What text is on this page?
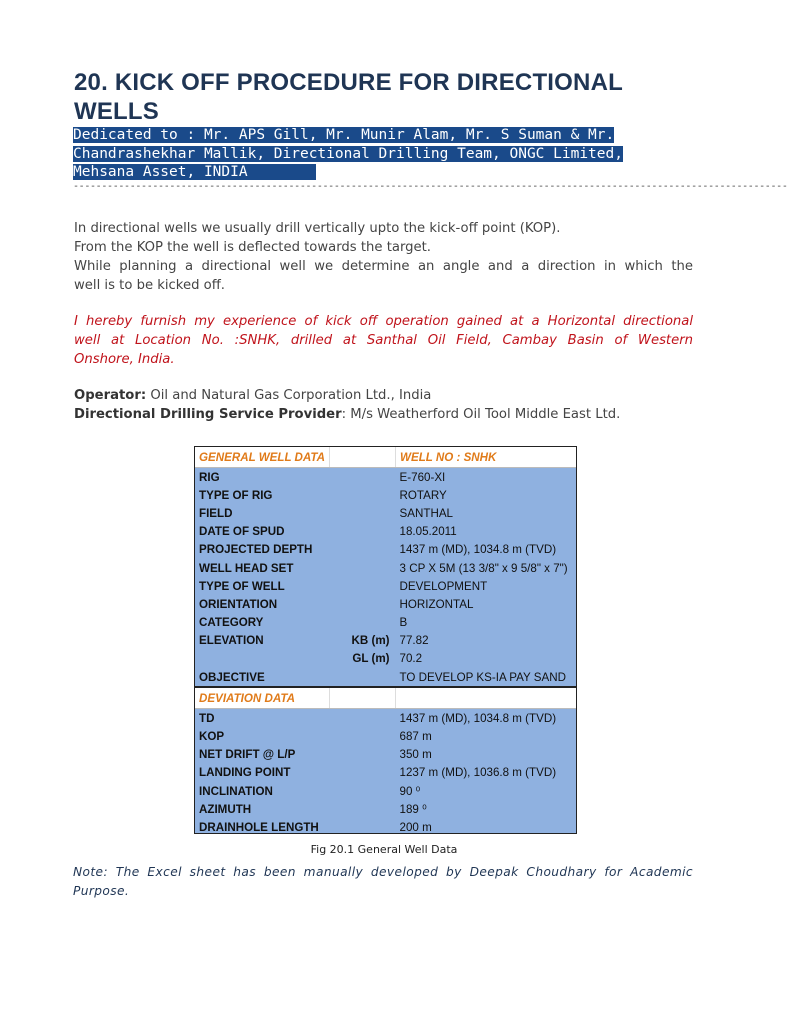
20. KICK OFF PROCEDURE FOR DIRECTIONAL WELLS
Dedicated to : Mr. APS Gill, Mr. Munir Alam, Mr. S Suman & Mr.
Chandrashekhar Mallik, Directional Drilling Team, ONGC Limited,
Mehsana Asset, INDIA
------------------------------------------------------------------------------------------------------------------------------
In directional wells we usually drill vertically upto the kick-off point (KOP).
From the KOP the well is deflected towards the target.
While planning a directional well we determine an angle and a direction in which the
well is to be kicked off.
I hereby furnish my experience of kick off operation gained at a Horizontal directional
well at Location No. :SNHK, drilled at Santhal Oil Field, Cambay Basin of Western
Onshore, India.
Operator: Oil and Natural Gas Corporation Ltd., India
Directional Drilling Service Provider: M/s Weatherford Oil Tool Middle East Ltd.
GENERAL WELL DATA		WELL NO : SNHK
RIG		E-760-XI
TYPE OF RIG		ROTARY
FIELD		SANTHAL
DATE OF SPUD		18.05.2011
PROJECTED DEPTH		1437 m (MD), 1034.8 m (TVD)
WELL HEAD SET		3 CP X 5M (13 3/8" x 9 5/8" x 7")
TYPE OF WELL		DEVELOPMENT
ORIENTATION		HORIZONTAL
CATEGORY		B
ELEVATION	KB (m)	77.82
	GL (m)	70.2
OBJECTIVE		TO DEVELOP KS-IA PAY SAND
DEVIATION DATA		
TD		1437 m (MD), 1034.8 m (TVD)
KOP		687 m
NET DRIFT @ L/P		350 m
LANDING POINT		1237 m (MD), 1036.8 m (TVD)
INCLINATION		90 ⁰
AZIMUTH		189 ⁰
DRAINHOLE LENGTH		200 m

Fig 20.1 General Well Data

Note: The Excel sheet has been manually developed by Deepak Choudhary for Academic
Purpose.
